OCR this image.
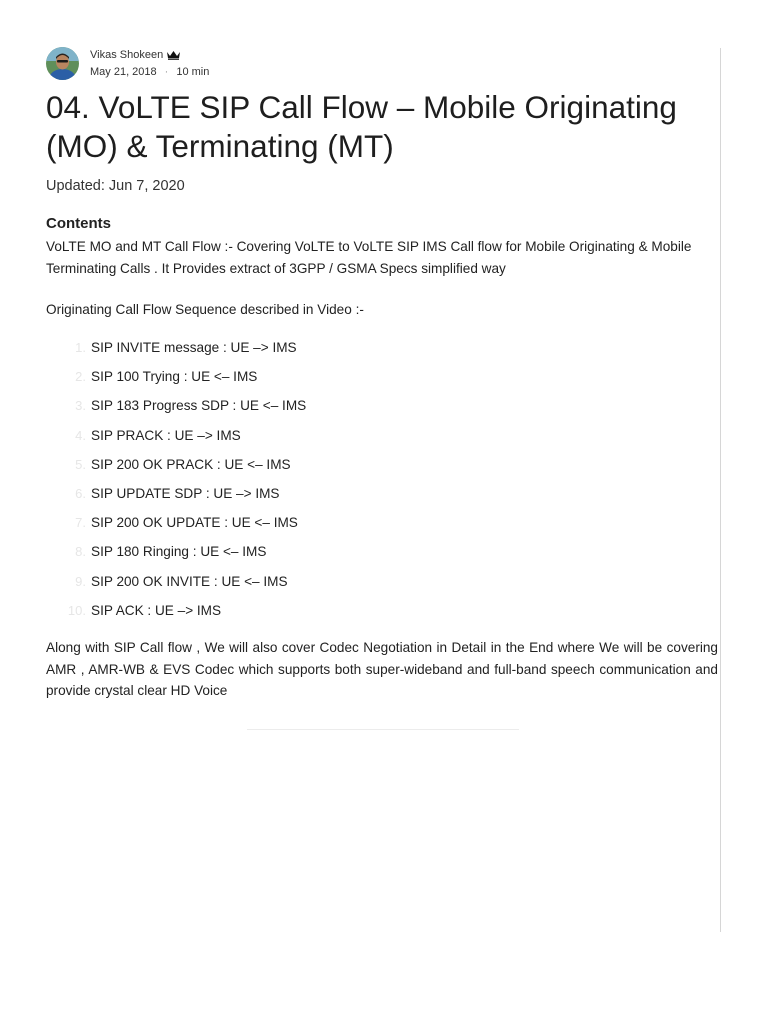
Vikas Shokeen
May 21, 2018 · 10 min
04. VoLTE SIP Call Flow – Mobile Originating (MO) & Terminating (MT)
Updated: Jun 7, 2020
Contents

VoLTE MO and MT Call Flow :- Covering VoLTE to VoLTE SIP IMS Call flow for Mobile Originating & Mobile Terminating Calls . It Provides extract of 3GPP / GSMA Specs simplified way

Originating Call Flow Sequence described in Video :-

1. SIP INVITE message : UE –> IMS
2. SIP 100 Trying : UE <– IMS
3. SIP 183 Progress SDP : UE <– IMS
4. SIP PRACK : UE –> IMS
5. SIP 200 OK PRACK : UE <– IMS
6. SIP UPDATE SDP : UE –> IMS
7. SIP 200 OK UPDATE : UE <– IMS
8. SIP 180 Ringing : UE <– IMS
9. SIP 200 OK INVITE : UE <– IMS
10. SIP ACK : UE –> IMS

Along with SIP Call flow , We will also cover Codec Negotiation in Detail in the End where We will be covering AMR , AMR-WB & EVS Codec which supports both super-wideband and full-band speech communication and provide crystal clear HD Voice
